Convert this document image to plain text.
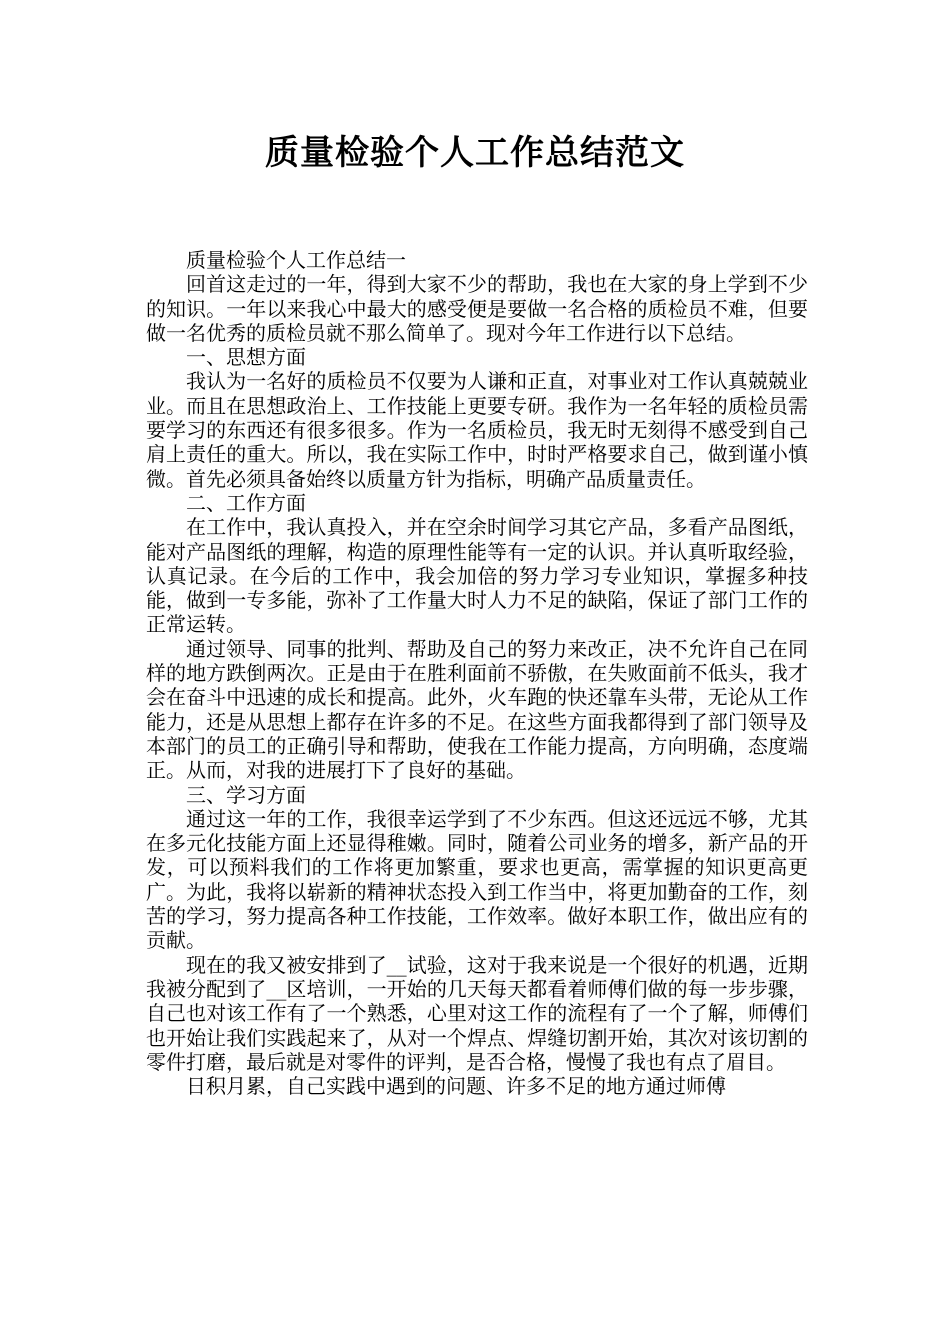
质量检验个人工作总结范文

质量检验个人工作总结一

回首这走过的一年，得到大家不少的帮助，我也在大家的身上学到不少的知识。一年以来我心中最大的感受便是要做一名合格的质检员不难，但要做一名优秀的质检员就不那么简单了。现对今年工作进行以下总结。

一、思想方面

我认为一名好的质检员不仅要为人谦和正直，对事业对工作认真兢兢业业。而且在思想政治上、工作技能上更要专研。我作为一名年轻的质检员需要学习的东西还有很多很多。作为一名质检员，我无时无刻得不感受到自己肩上责任的重大。所以，我在实际工作中，时时严格要求自己，做到谨小慎微。首先必须具备始终以质量方针为指标，明确产品质量责任。

二、工作方面

在工作中，我认真投入，并在空余时间学习其它产品，多看产品图纸，能对产品图纸的理解，构造的原理性能等有一定的认识。并认真听取经验，认真记录。在今后的工作中，我会加倍的努力学习专业知识，掌握多种技能，做到一专多能，弥补了工作量大时人力不足的缺陷，保证了部门工作的正常运转。

通过领导、同事的批判、帮助及自己的努力来改正，决不允许自己在同样的地方跌倒两次。正是由于在胜利面前不骄傲，在失败面前不低头，我才会在奋斗中迅速的成长和提高。此外，火车跑的快还靠车头带，无论从工作能力，还是从思想上都存在许多的不足。在这些方面我都得到了部门领导及本部门的员工的正确引导和帮助，使我在工作能力提高，方向明确，态度端正。从而，对我的进展打下了良好的基础。

三、学习方面

通过这一年的工作，我很幸运学到了不少东西。但这还远远不够，尤其在多元化技能方面上还显得稚嫩。同时，随着公司业务的增多，新产品的开发，可以预料我们的工作将更加繁重，要求也更高，需掌握的知识更高更广。为此，我将以崭新的精神状态投入到工作当中，将更加勤奋的工作，刻苦的学习，努力提高各种工作技能，工作效率。做好本职工作，做出应有的贡献。

现在的我又被安排到了__试验，这对于我来说是一个很好的机遇，近期我被分配到了__区培训，一开始的几天每天都看着师傅们做的每一步步骤，自己也对该工作有了一个熟悉，心里对这工作的流程有了一个了解，师傅们也开始让我们实践起来了，从对一个焊点、焊缝切割开始，其次对该切割的零件打磨，最后就是对零件的评判，是否合格，慢慢了我也有点了眉目。

日积月累，自己实践中遇到的问题、许多不足的地方通过师傅
